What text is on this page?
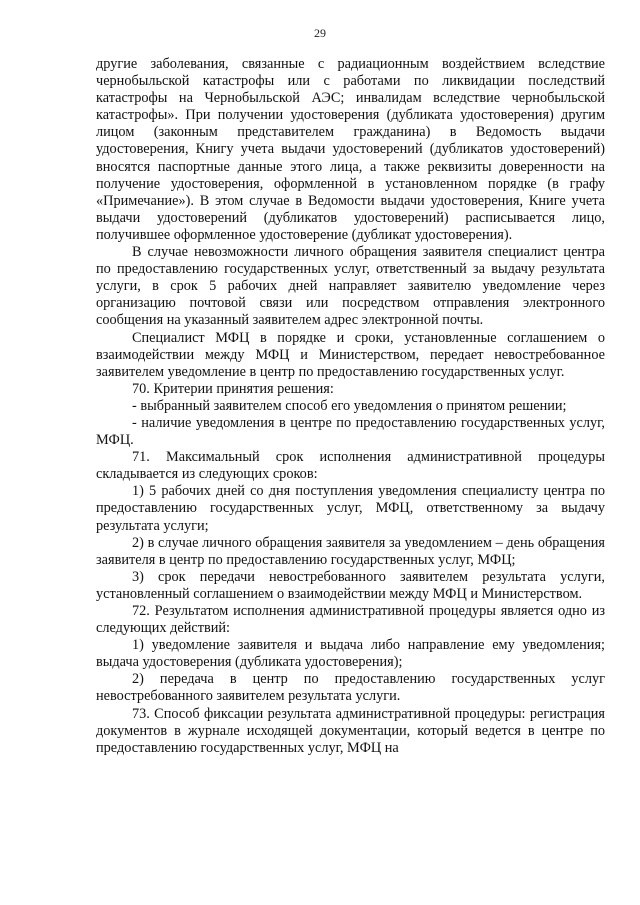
29

другие заболевания, связанные с радиационным воздействием вследствие чернобыльской катастрофы или с работами по ликвидации последствий катастрофы на Чернобыльской АЭС; инвалидам вследствие чернобыльской катастрофы». При получении удостоверения (дубликата удостоверения) другим лицом (законным представителем гражданина) в Ведомость выдачи удостоверения, Книгу учета выдачи удостоверений (дубликатов удостоверений) вносятся паспортные данные этого лица, а также реквизиты доверенности на получение удостоверения, оформленной в установленном порядке (в графу «Примечание»). В этом случае в Ведомости выдачи удостоверения, Книге учета выдачи удостоверений (дубликатов удостоверений) расписывается лицо, получившее оформленное удостоверение (дубликат удостоверения).

В случае невозможности личного обращения заявителя специалист центра по предоставлению государственных услуг, ответственный за выдачу результата услуги, в срок 5 рабочих дней направляет заявителю уведомление через организацию почтовой связи или посредством отправления электронного сообщения на указанный заявителем адрес электронной почты.

Специалист МФЦ в порядке и сроки, установленные соглашением о взаимодействии между МФЦ и Министерством, передает невостребованное заявителем уведомление в центр по предоставлению государственных услуг.

70. Критерии принятия решения:

- выбранный заявителем способ его уведомления о принятом решении;

- наличие уведомления в центре по предоставлению государственных услуг, МФЦ.

71. Максимальный срок исполнения административной процедуры складывается из следующих сроков:

1) 5 рабочих дней со дня поступления уведомления специалисту центра по предоставлению государственных услуг, МФЦ, ответственному за выдачу результата услуги;

2) в случае личного обращения заявителя за уведомлением – день обращения заявителя в центр по предоставлению государственных услуг, МФЦ;

3) срок передачи невостребованного заявителем результата услуги, установленный соглашением о взаимодействии между МФЦ и Министерством.

72. Результатом исполнения административной процедуры является одно из следующих действий:

1) уведомление заявителя и выдача либо направление ему уведомления; выдача удостоверения (дубликата удостоверения);

2) передача в центр по предоставлению государственных услуг невостребованного заявителем результата услуги.

73. Способ фиксации результата административной процедуры: регистрация документов в журнале исходящей документации, который ведется в центре по предоставлению государственных услуг, МФЦ на
